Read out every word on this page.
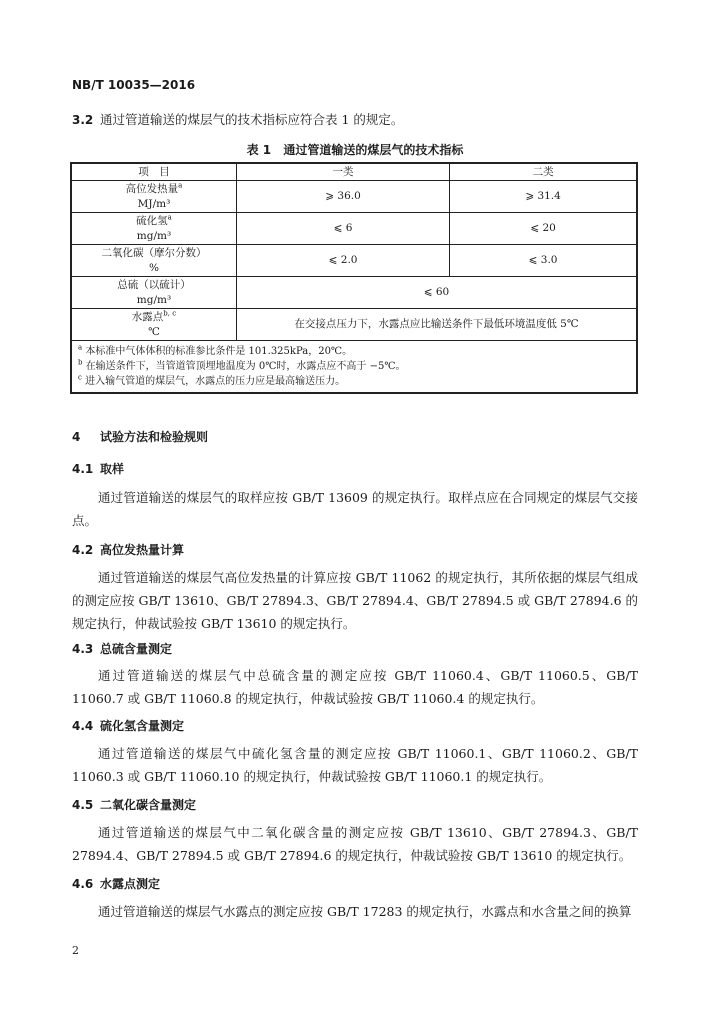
NB/T 10035—2016
3.2 通过管道输送的煤层气的技术指标应符合表 1 的规定。
表 1 通过管道输送的煤层气的技术指标
项　目	一类	二类
高位发热量$^a$
MJ/m³	⩾ 36.0	⩾ 31.4
硫化氢$^a$
mg/m³	⩽ 6	⩽ 20
二氧化碳（摩尔分数）
%	⩽ 2.0	⩽ 3.0
总硫（以硫计）
mg/m³	⩽ 60	
水露点$^{b, c}$
℃	在交接点压力下，水露点应比输送条件下最低环境温度低 5℃	

$^a$ 本标准中气体体积的标准参比条件是 101.325kPa，20℃。
$^b$ 在输送条件下，当管道管顶埋地温度为 0℃时，水露点应不高于 −5℃。
$^c$ 进入输气管道的煤层气，水露点的压力应是最高输送压力。		
4 试验方法和检验规则
4.1 取样
通过管道输送的煤层气的取样应按 GB/T 13609 的规定执行。取样点应在合同规定的煤层气交接点。
4.2 高位发热量计算
通过管道输送的煤层气高位发热量的计算应按 GB/T 11062 的规定执行，其所依据的煤层气组成的测定应按 GB/T 13610、GB/T 27894.3、GB/T 27894.4、GB/T 27894.5 或 GB/T 27894.6 的规定执行，仲裁试验按 GB/T 13610 的规定执行。
4.3 总硫含量测定
通过管道输送的煤层气中总硫含量的测定应按 GB/T 11060.4、GB/T 11060.5、GB/T 11060.7 或 GB/T 11060.8 的规定执行，仲裁试验按 GB/T 11060.4 的规定执行。
4.4 硫化氢含量测定
通过管道输送的煤层气中硫化氢含量的测定应按 GB/T 11060.1、GB/T 11060.2、GB/T 11060.3 或 GB/T 11060.10 的规定执行，仲裁试验按 GB/T 11060.1 的规定执行。
4.5 二氧化碳含量测定
通过管道输送的煤层气中二氧化碳含量的测定应按 GB/T 13610、GB/T 27894.3、GB/T 27894.4、GB/T 27894.5 或 GB/T 27894.6 的规定执行，仲裁试验按 GB/T 13610 的规定执行。
4.6 水露点测定
通过管道输送的煤层气水露点的测定应按 GB/T 17283 的规定执行，水露点和水含量之间的换算
2
